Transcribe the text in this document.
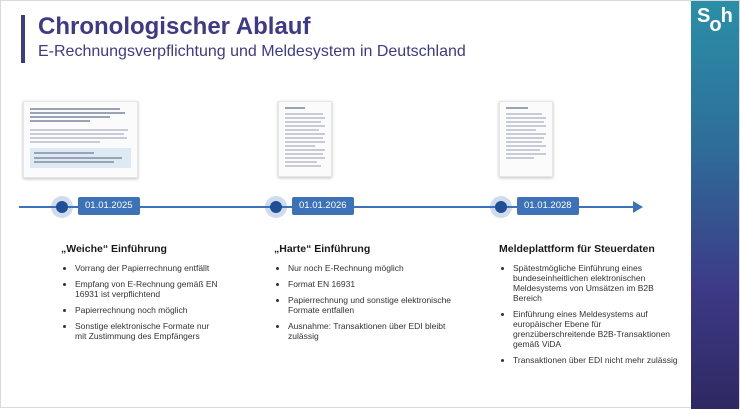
Chronologischer Ablauf
E-Rechnungsverpflichtung und Meldesystem in Deutschland
Soh
01.01.2025	01.01.2026	01.01.2028
„Weiche“ Einführung
• Vorrang der Papierrechnung entfällt
• Empfang von E-Rechnung gemäß EN 16931 ist verpflichtend
• Papierrechnung noch möglich
• Sonstige elektronische Formate nur mit Zustimmung des Empfängers
„Harte“ Einführung
• Nur noch E-Rechnung möglich
• Format EN 16931
• Papierrechnung und sonstige elektronische Formate entfallen
• Ausnahme: Transaktionen über EDI bleibt zulässig
Meldeplattform für Steuerdaten
• Spätestmögliche Einführung eines bundeseinheitlichen elektronischen Meldesystems von Umsätzen im B2B Bereich
• Einführung eines Meldesystems auf europäischer Ebene für grenzüberschreitende B2B-Transaktionen gemäß ViDA
• Transaktionen über EDI nicht mehr zulässig
